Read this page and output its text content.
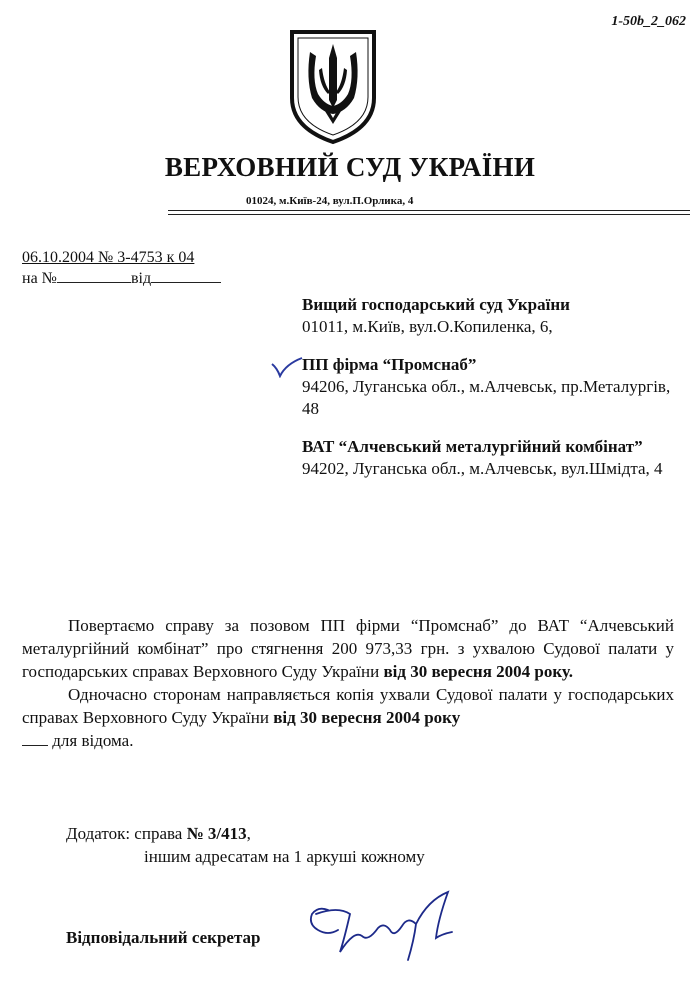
1-50b_2_062
ВЕРХОВНИЙ СУД УКРАЇНИ
01024, м.Київ-24, вул.П.Орлика, 4
06.10.2004 № 3-4753 к 04
на №	від
Вищий господарський суд України
01011, м.Київ, вул.О.Копиленка, 6,
ПП фірма “Промснаб”
94206, Луганська обл., м.Алчевськ, пр.Металургів, 48
ВАТ “Алчевський металургійний комбінат”
94202, Луганська обл., м.Алчевськ, вул.Шмідта, 4

Повертаємо справу за позовом ПП фірми “Промснаб” до ВАТ “Алчевський металургійний комбінат” про стягнення 200 973,33 грн. з ухвалою Судової палати у господарських справах Верховного Суду України від 30 вересня 2004 року.

Одночасно сторонам направляється копія ухвали Судової палати у господарських справах Верховного Суду України від 30 вересня 2004 року
для відома.

Додаток: справа № 3/413,
іншим адресатам на 1 аркуші кожному
Відповідальний секретар
